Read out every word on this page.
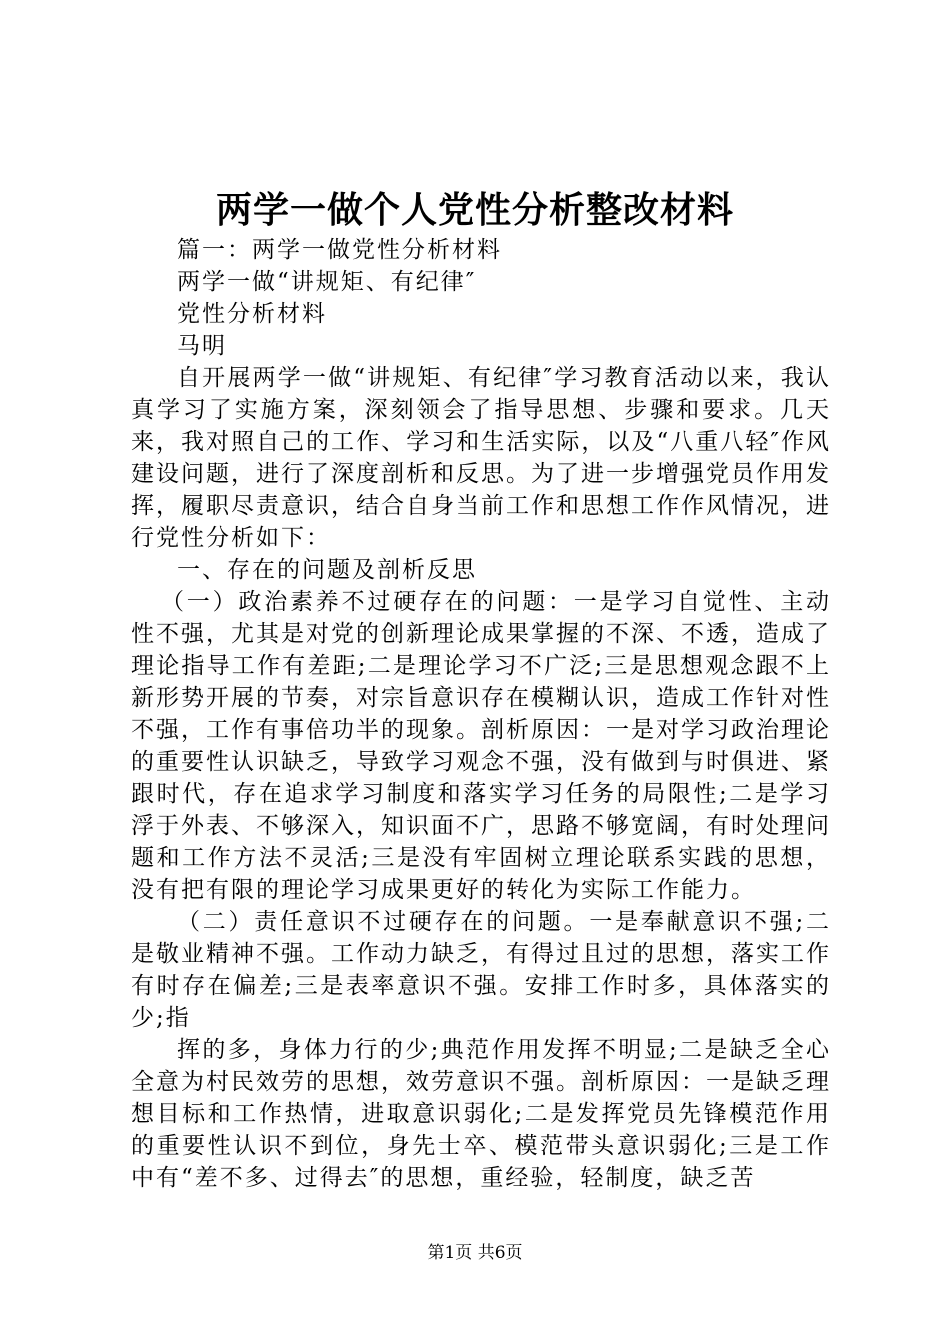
两学一做个人党性分析整改材料

篇一：两学一做党性分析材料

两学一做“讲规矩、有纪律″

党性分析材料

马明

自开展两学一做“讲规矩、有纪律″学习教育活动以来，我认真学习了实施方案，深刻领会了指导思想、步骤和要求。几天来，我对照自己的工作、学习和生活实际，以及“八重八轻″作风建设问题，进行了深度剖析和反思。为了进一步增强党员作用发挥，履职尽责意识，结合自身当前工作和思想工作作风情况，进行党性分析如下：

一、存在的问题及剖析反思

（一）政治素养不过硬存在的问题：一是学习自觉性、主动性不强，尤其是对党的创新理论成果掌握的不深、不透，造成了理论指导工作有差距;二是理论学习不广泛;三是思想观念跟不上新形势开展的节奏，对宗旨意识存在模糊认识，造成工作针对性不强，工作有事倍功半的现象。剖析原因：一是对学习政治理论的重要性认识缺乏，导致学习观念不强，没有做到与时俱进、紧跟时代，存在追求学习制度和落实学习任务的局限性;二是学习浮于外表、不够深入，知识面不广，思路不够宽阔，有时处理问题和工作方法不灵活;三是没有牢固树立理论联系实践的思想，没有把有限的理论学习成果更好的转化为实际工作能力。

（二）责任意识不过硬存在的问题。一是奉献意识不强;二是敬业精神不强。工作动力缺乏，有得过且过的思想，落实工作有时存在偏差;三是表率意识不强。安排工作时多，具体落实的少;指

挥的多，身体力行的少;典范作用发挥不明显;二是缺乏全心全意为村民效劳的思想，效劳意识不强。剖析原因：一是缺乏理想目标和工作热情，进取意识弱化;二是发挥党员先锋模范作用的重要性认识不到位，身先士卒、模范带头意识弱化;三是工作中有“差不多、过得去″的思想，重经验，轻制度，缺乏苦

第1页 共6页
